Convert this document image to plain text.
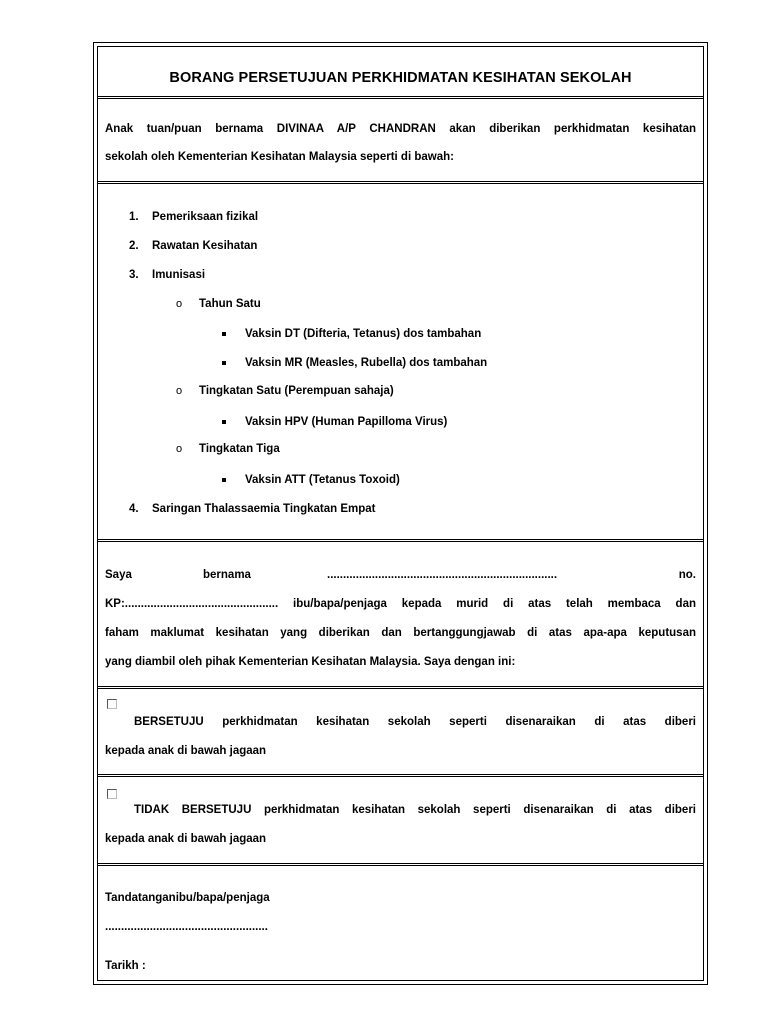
BORANG PERSETUJUAN PERKHIDMATAN KESIHATAN SEKOLAH
Anak tuan/puan bernama DIVINAA A/P CHANDRAN akan diberikan perkhidmatan kesihatan
sekolah oleh Kementerian Kesihatan Malaysia seperti di bawah:
1. Pemeriksaan fizikal
2. Rawatan Kesihatan
3. Imunisasi
o Tahun Satu
Vaksin DT (Difteria, Tetanus) dos tambahan
Vaksin MR (Measles, Rubella) dos tambahan
o Tingkatan Satu (Perempuan sahaja)
Vaksin HPV (Human Papilloma Virus)
o Tingkatan Tiga
Vaksin ATT (Tetanus Toxoid)
4. Saringan Thalassaemia Tingkatan Empat
Saya	bernama	........................................................................	no.
KP:................................................ ibu/bapa/penjaga kepada murid di atas telah membaca dan
faham maklumat kesihatan yang diberikan dan bertanggungjawab di atas apa-apa keputusan
yang diambil oleh pihak Kementerian Kesihatan Malaysia. Saya dengan ini:
BERSETUJU perkhidmatan kesihatan sekolah seperti disenaraikan di atas diberi
kepada anak di bawah jagaan
TIDAK BERSETUJU perkhidmatan kesihatan sekolah seperti disenaraikan di atas diberi
kepada anak di bawah jagaan
Tandatanganibu/bapa/penjaga
...................................................
Tarikh :
